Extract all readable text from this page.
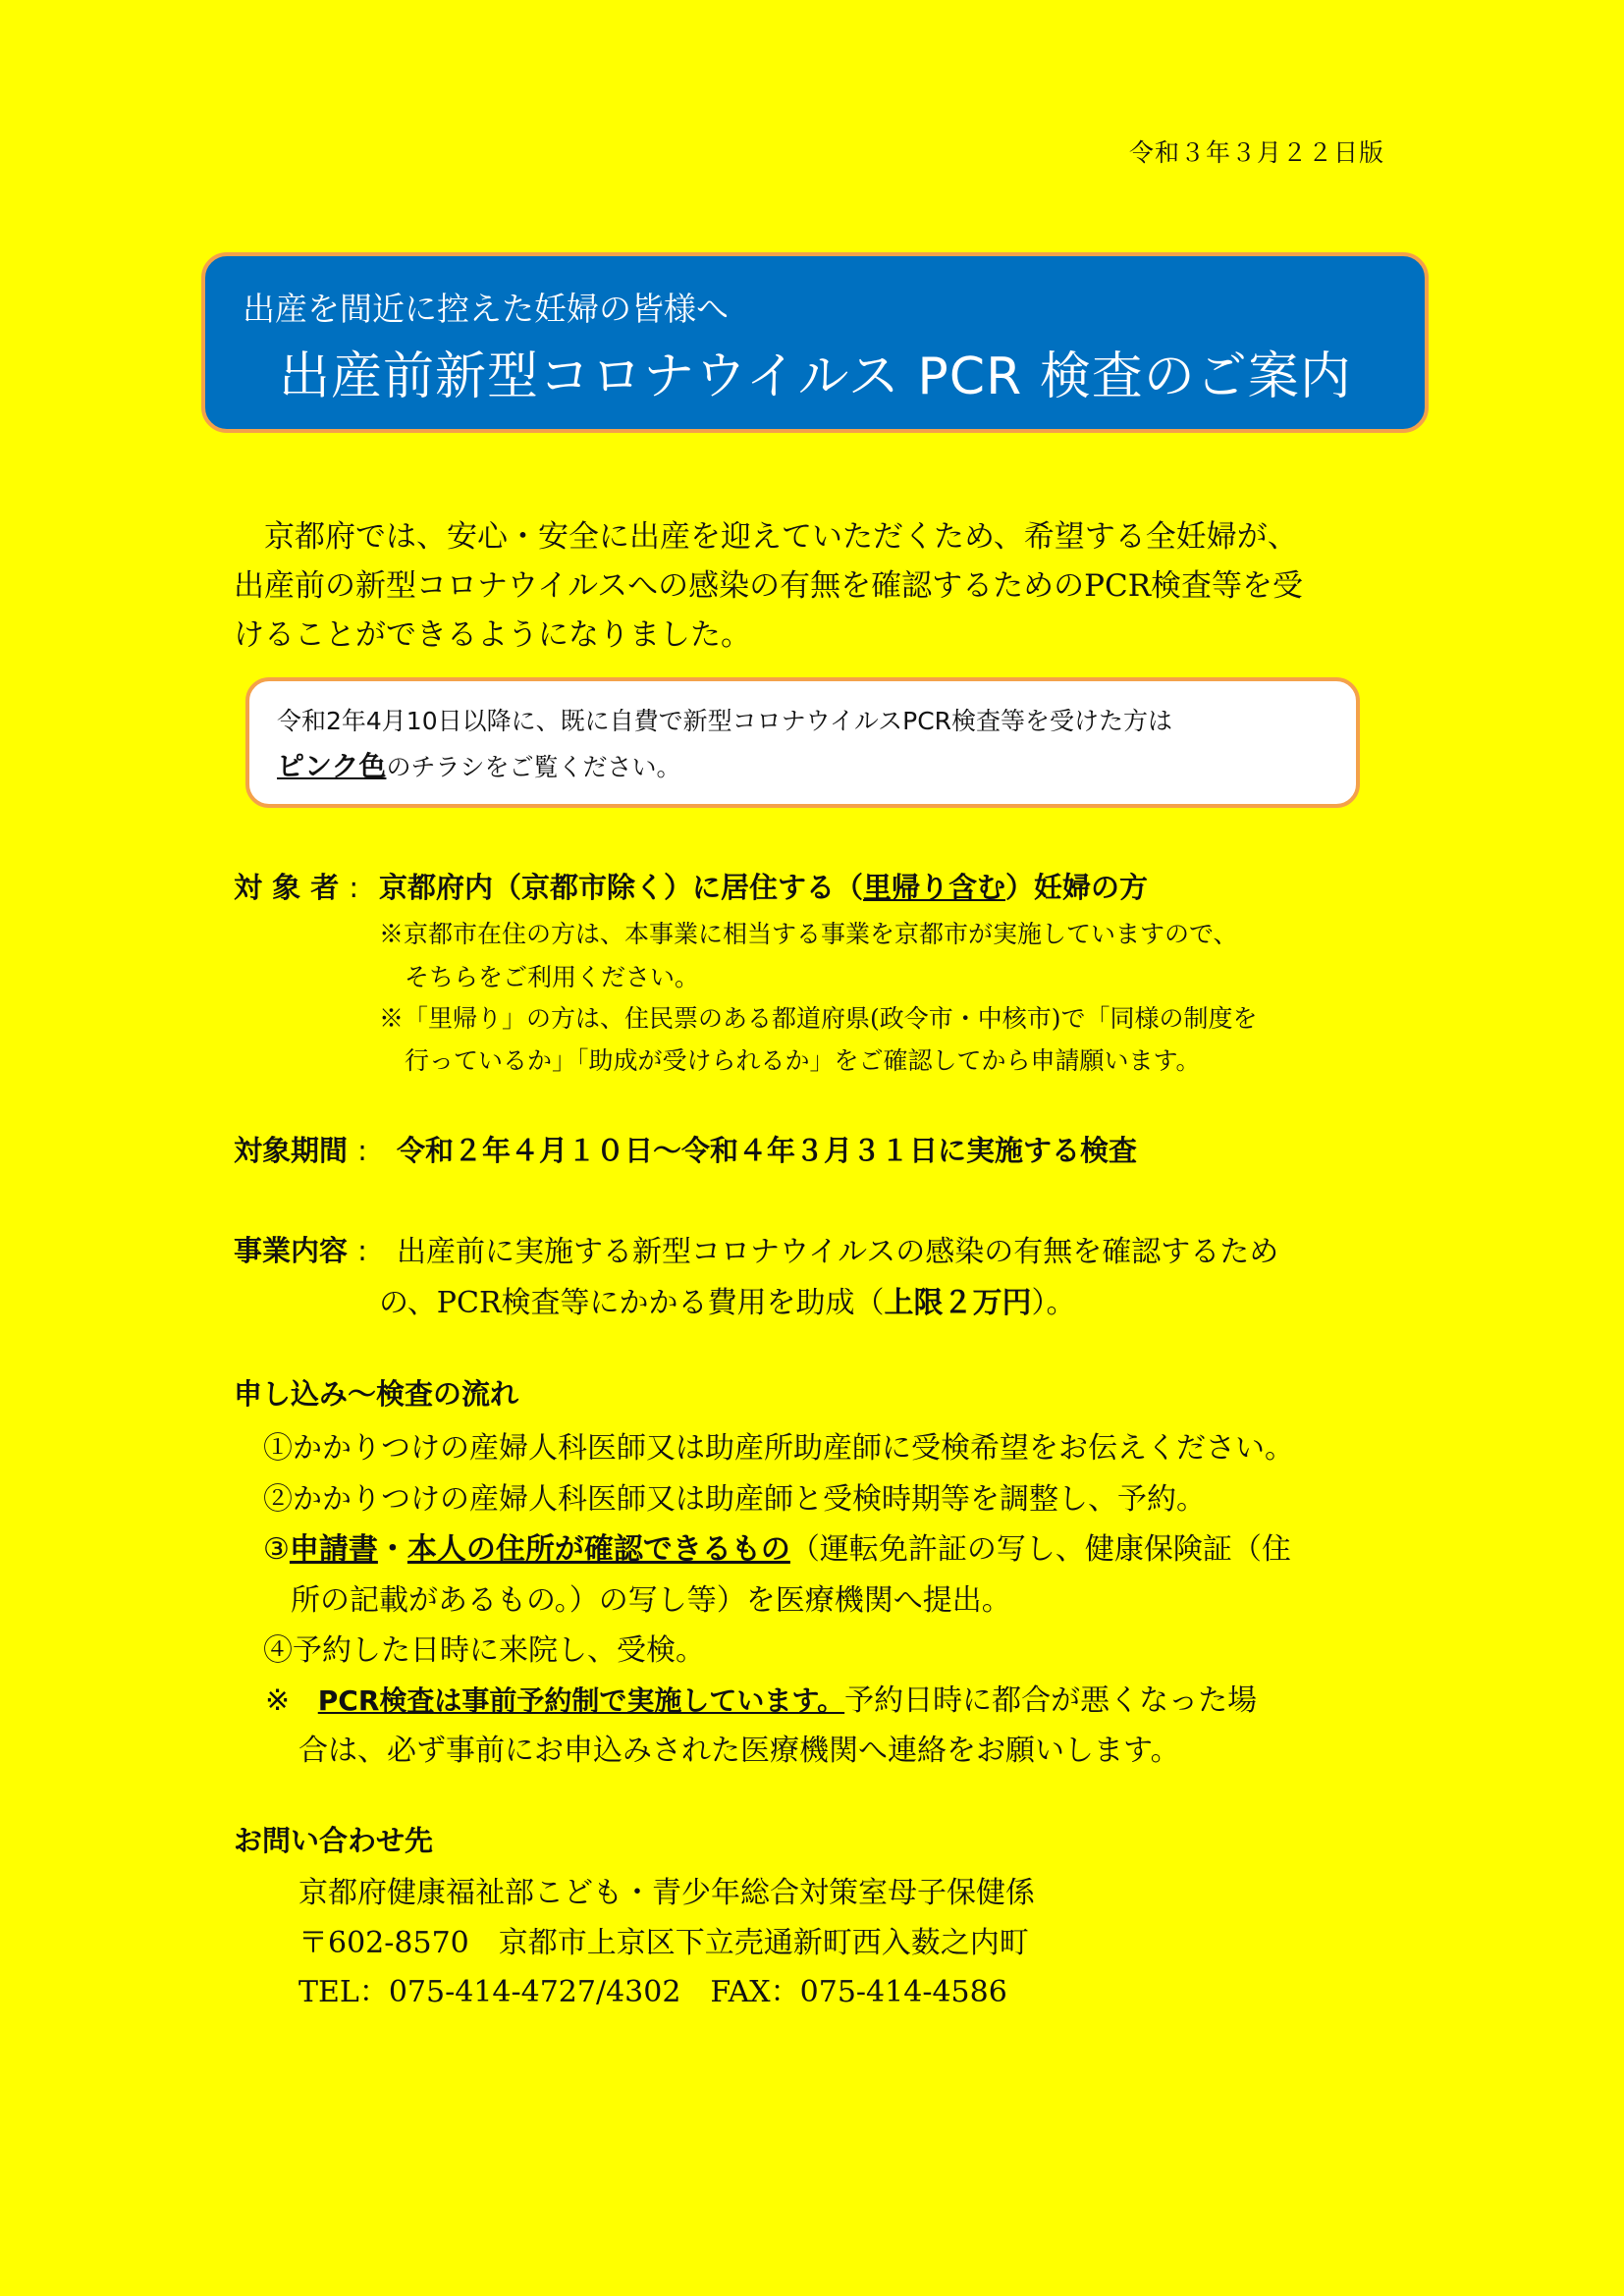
令和３年３月２２日版
出産を間近に控えた妊婦の皆様へ
出産前新型コロナウイルス PCR 検査のご案内

　京都府では、安心・安全に出産を迎えていただくため、希望する全妊婦が、

出産前の新型コロナウイルスへの感染の有無を確認するためのPCR検査等を受

けることができるようになりました。

令和2年4月10日以降に、既に自費で新型コロナウイルスPCR検査等を受けた方は

ピンク色のチラシをご覧ください。

対 象 者 : 京都府内（京都市除く）に居住する（里帰り含む）妊婦の方
※京都市在住の方は、本事業に相当する事業を京都市が実施していますので、
そちらをご利用ください。
※「里帰り」の方は、住民票のある都道府県(政令市・中核市)で「同様の制度を
行っているか」「助成が受けられるか」をご確認してから申請願います。
対象期間 : 令和２年４月１０日～令和４年３月３１日に実施する検査
事業内容 : 出産前に実施する新型コロナウイルスの感染の有無を確認するため
の、PCR検査等にかかる費用を助成（上限２万円）。
申し込み～検査の流れ
①かかりつけの産婦人科医師又は助産所助産師に受検希望をお伝えください。
②かかりつけの産婦人科医師又は助産師と受検時期等を調整し、予約。
③申請書・本人の住所が確認できるもの（運転免許証の写し、健康保険証（住
所の記載があるもの。）の写し等）を医療機関へ提出。
④予約した日時に来院し、受検。
※ PCR検査は事前予約制で実施しています。予約日時に都合が悪くなった場
合は、必ず事前にお申込みされた医療機関へ連絡をお願いします。
お問い合わせ先
京都府健康福祉部こども・青少年総合対策室母子保健係
〒602-8570　京都市上京区下立売通新町西入薮之内町
TEL：075-414-4727/4302　FAX：075-414-4586
